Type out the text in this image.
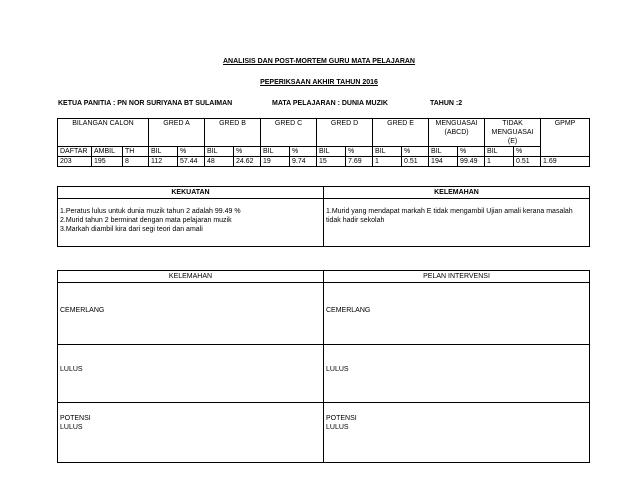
ANALISIS DAN POST-MORTEM GURU MATA PELAJARAN
PEPERIKSAAN AKHIR TAHUN 2016
KETUA PANITIA : PN NOR SURIYANA BT SULAIMAN	MATA PELAJARAN : DUNIA MUZIK	TAHUN :2
BILANGAN CALON			GRED A		GRED B		GRED C		GRED D		GRED E		MENGUASAI (ABCD)		TIDAK MENGUASAI (E)		GPMP
DAFTAR	AMBIL	TH	BIL	%	BIL	%	BIL	%	BIL	%	BIL	%	BIL	%	BIL	%	
203	195	8	112	57.44	48	24.62	19	9.74	15	7.69	1	0.51	194	99.49	1	0.51	1.69
KEKUATAN	KELEMAHAN

1.Peratus lulus untuk dunia muzik tahun 2 adalah 99.49 %
2.Murid tahun 2 berminat dengan mata pelajaran muzik
3.Markah diambil kira dari segi teori dan amali	1.Murid yang mendapat markah E tidak mengambil Ujian amali kerana masalah tidak hadir sekolah
KELEMAHAN	PELAN INTERVENSI
CEMERLANG	CEMERLANG
LULUS	LULUS

POTENSI LULUS	POTENSI LULUS
